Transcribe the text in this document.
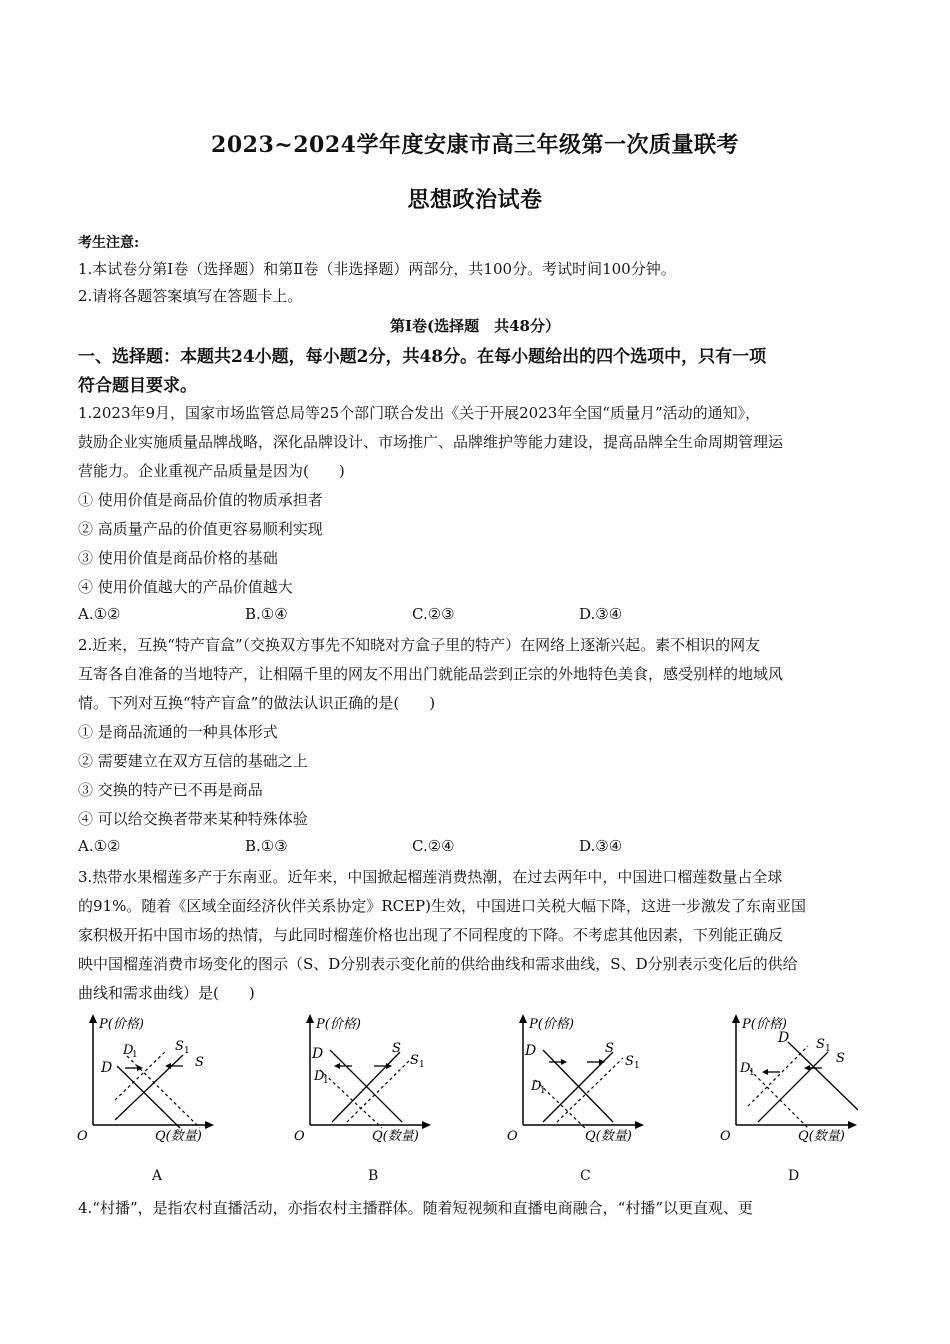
2023~2024学年度安康市高三年级第一次质量联考
思想政治试卷
考生注意:
1.本试卷分第Ⅰ卷（选择题）和第Ⅱ卷（非选择题）两部分，共100分。考试时间100分钟。
2.请将各题答案填写在答题卡上。
第Ⅰ卷(选择题　共48分）
一、选择题：本题共24小题，每小题2分，共48分。在每小题给出的四个选项中，只有一项
符合题目要求。
1.2023年9月，国家市场监管总局等25个部门联合发出《关于开展2023年全国“质量月”活动的通知》，
鼓励企业实施质量品牌战略，深化品牌设计、市场推广、品牌维护等能力建设，提高品牌全生命周期管理运
营能力。企业重视产品质量是因为(　　)
① 使用价值是商品价值的物质承担者
② 高质量产品的价值更容易顺利实现
③ 使用价值是商品价格的基础
④ 使用价值越大的产品价值越大
A.①②	B.①④	C.②③	D.③④
2.近来，互换“特产盲盒”（交换双方事先不知晓对方盒子里的特产）在网络上逐渐兴起。素不相识的网友
互寄各自准备的当地特产，让相隔千里的网友不用出门就能品尝到正宗的外地特色美食，感受别样的地域风
情。下列对互换“特产盲盒”的做法认识正确的是(　　)
① 是商品流通的一种具体形式
② 需要建立在双方互信的基础之上
③ 交换的特产已不再是商品
④ 可以给交换者带来某种特殊体验
A.①②	B.①③	C.②④	D.③④
3.热带水果榴莲多产于东南亚。近年来，中国掀起榴莲消费热潮，在过去两年中，中国进口榴莲数量占全球
的91%。随着《区域全面经济伙伴关系协定》RCEP)生效，中国进口关税大幅下降，这进一步激发了东南亚国
家积极开拓中国市场的热情，与此同时榴莲价格也出现了不同程度的下降。不考虑其他因素，下列能正确反
映中国榴莲消费市场变化的图示（S、D分别表示变化前的供给曲线和需求曲线，S、D分别表示变化后的供给
曲线和需求曲线）是(　　)
P(价格)
O	Q(数量)
D
D
1
S 1
S
P(价格)
O	Q(数量)
D
D
1
S
S 1
P(价格)
O	Q(数量)
D
D
1
S
S 1
P(价格)
O	Q(数量)
D
D
1
S 1
S
A	B	C	D
4.“村播”，是指农村直播活动，亦指农村主播群体。随着短视频和直播电商融合，“村播”以更直观、更
